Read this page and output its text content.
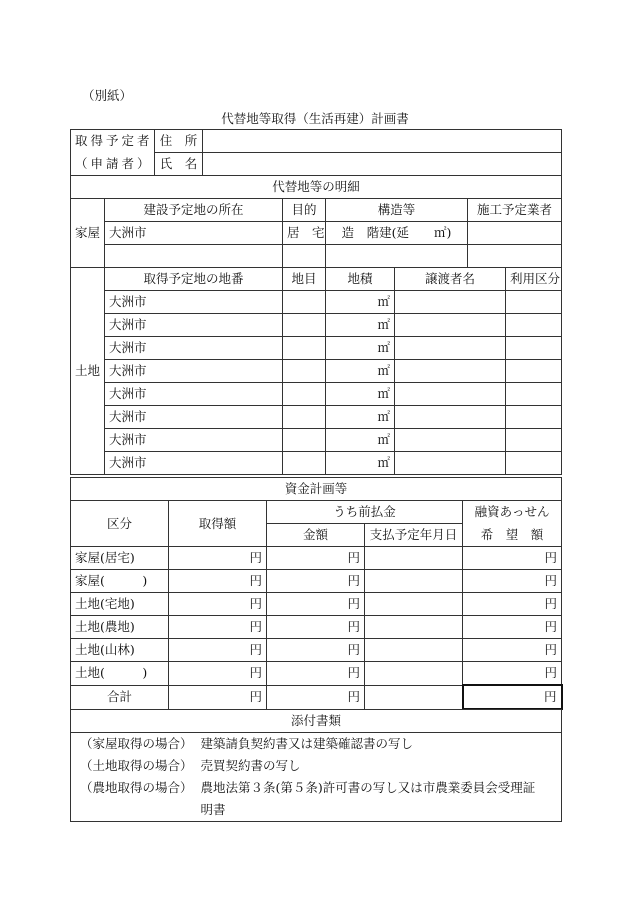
（別紙）
代替地等取得（生活再建）計画書
取得予定者		住　所						
（申請者）		氏　名						
代替地等の明細								
家屋	建設予定地の所在			目的	構造等		施工予定業者	
	大洲市			居　宅	造　階建(延　　㎡)			

土地	取得予定地の地番			地目	地積	譲渡者名		利用区分
	大洲市				㎡			
	大洲市				㎡			
	大洲市				㎡			
	大洲市				㎡			
	大洲市				㎡			
	大洲市				㎡			
	大洲市				㎡			
	大洲市				㎡			
資金計画等				
区分	取得額	うち前払金		融資あっせん
		金額	支払予定年月日	希　望　額
家屋(居宅)	円	円		円
家屋(　　　)	円	円		円
土地(宅地)	円	円		円
土地(農地)	円	円		円
土地(山林)	円	円		円
土地(　　　)	円	円		円
合計	円	円		円
添付書類	
（家屋取得の場合）	建築請負契約書又は建築確認書の写し
（土地取得の場合）	売買契約書の写し
（農地取得の場合）	農地法第３条(第５条)許可書の写し又は市農業委員会受理証
	明書
